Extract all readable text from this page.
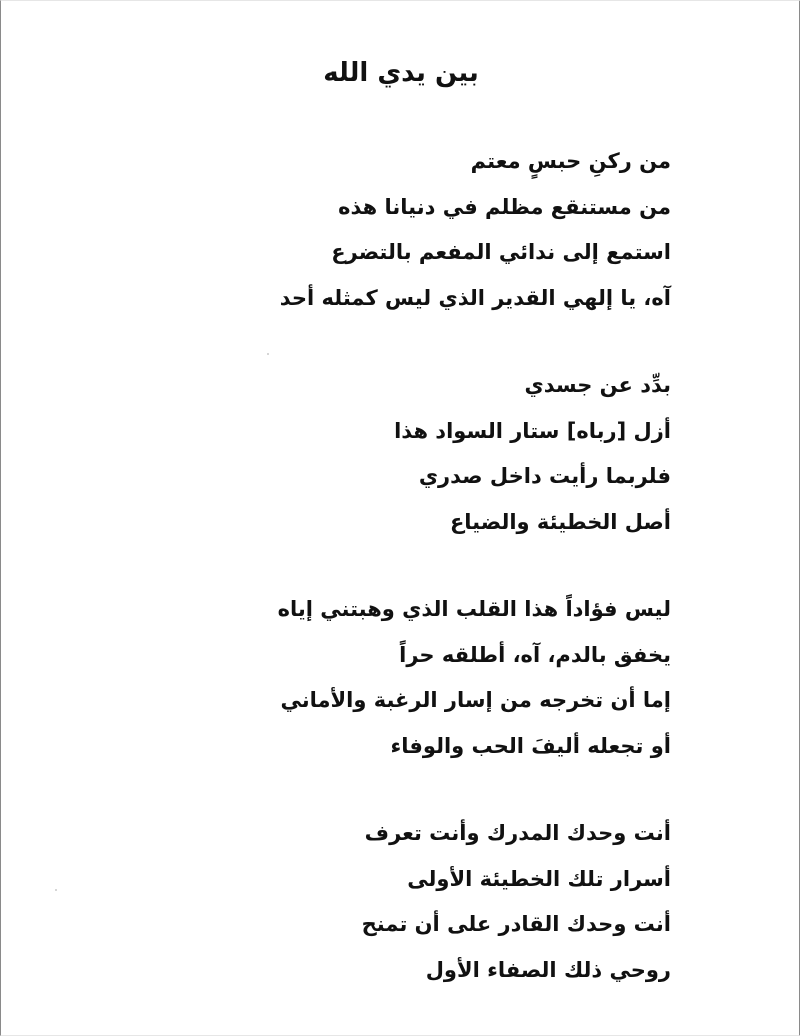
بين يدي الله
من ركنِ حبسٍ معتم
من مستنقع مظلم في دنيانا هذه
استمع إلى ندائي المفعم بالتضرع
آه، يا إلهي القدير الذي ليس كمثله أحد
بدِّد عن جسدي
أزل [رباه] ستار السواد هذا
فلربما رأيت داخل صدري
أصل الخطيئة والضياع
ليس فؤاداً هذا القلب الذي وهبتني إياه
يخفق بالدم، آه، أطلقه حراً
إما أن تخرجه من إسار الرغبة والأماني
أو تجعله أليفَ الحب والوفاء
أنت وحدك المدرك وأنت تعرف
أسرار تلك الخطيئة الأولى
أنت وحدك القادر على أن تمنح
روحي ذلك الصفاء الأول
